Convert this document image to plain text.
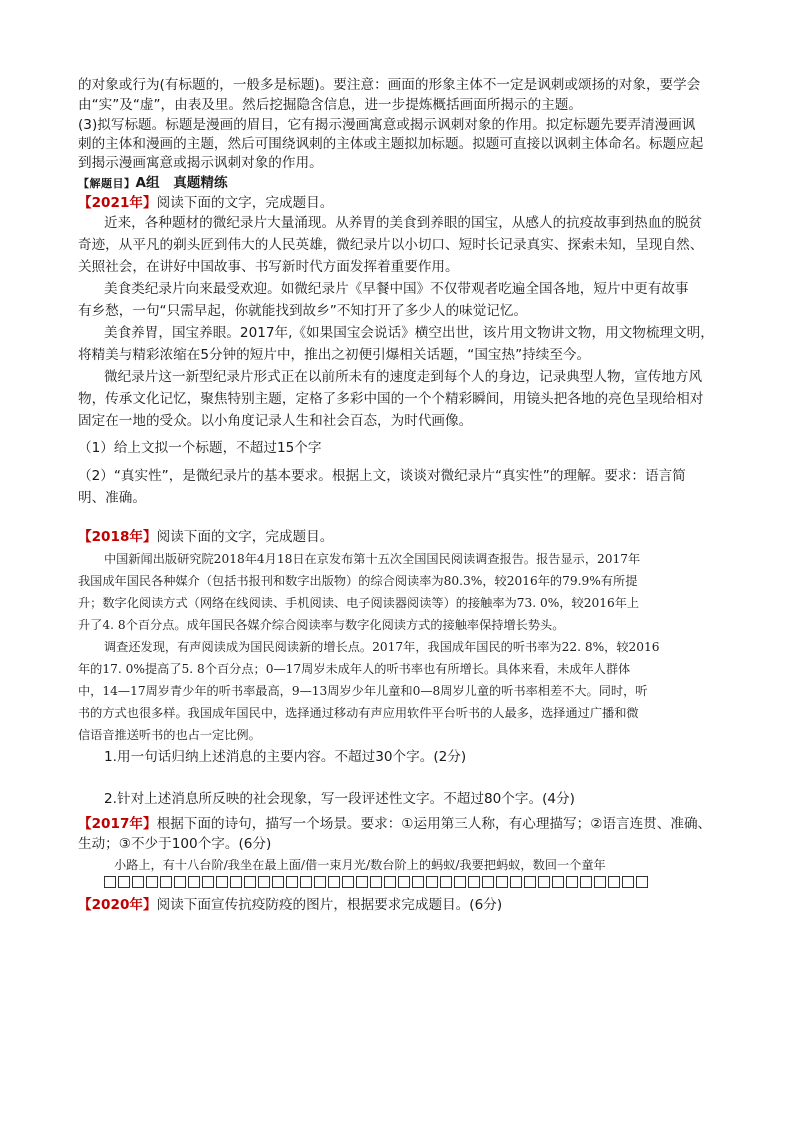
的对象或行为(有标题的，一般多是标题)。要注意：画面的形象主体不一定是讽刺或颂扬的对象，要学会
由“实”及“虚”，由表及里。然后挖掘隐含信息，进一步提炼概括画面所揭示的主题。
(3)拟写标题。标题是漫画的眉目，它有揭示漫画寓意或揭示讽刺对象的作用。拟定标题先要弄清漫画讽
刺的主体和漫画的主题，然后可围绕讽刺的主体或主题拟加标题。拟题可直接以讽刺主体命名。标题应起
到揭示漫画寓意或揭示讽刺对象的作用。
【解题目】A组　真题精练
【2021年】阅读下面的文字，完成题目。
近来，各种题材的微纪录片大量涌现。从养胃的美食到养眼的国宝，从感人的抗疫故事到热血的脱贫
奇迹，从平凡的剃头匠到伟大的人民英雄，微纪录片以小切口、短时长记录真实、探索未知，呈现自然、
关照社会，在讲好中国故事、书写新时代方面发挥着重要作用。
美食类纪录片向来最受欢迎。如微纪录片《早餐中国》不仅带观者吃遍全国各地，短片中更有故事
有乡愁，一句“只需早起，你就能找到故乡”不知打开了多少人的味觉记忆。
美食养胃，国宝养眼。2017年,《如果国宝会说话》横空出世，该片用文物讲文物，用文物梳理文明，
将精美与精彩浓缩在5分钟的短片中，推出之初便引爆相关话题，“国宝热”持续至今。
微纪录片这一新型纪录片形式正在以前所未有的速度走到每个人的身边，记录典型人物，宣传地方风
物，传承文化记忆，聚焦特别主题，定格了多彩中国的一个个精彩瞬间，用镜头把各地的亮色呈现给相对
固定在一地的受众。以小角度记录人生和社会百态，为时代画像。
（1）给上文拟一个标题，不超过15个字
（2）“真实性”，是微纪录片的基本要求。根据上文，谈谈对微纪录片“真实性”的理解。要求：语言简
明、准确。
【2018年】阅读下面的文字，完成题目。
中国新闻出版研究院2018年4月18日在京发布第十五次全国国民阅读调查报告。报告显示，2017年
我国成年国民各种媒介（包括书报刊和数字出版物）的综合阅读率为80.3%，较2016年的79.9%有所提
升；数字化阅读方式（网络在线阅读、手机阅读、电子阅读器阅读等）的接触率为73. 0%，较2016年上
升了4. 8个百分点。成年国民各媒介综合阅读率与数字化阅读方式的接触率保持增长势头。
调查还发现，有声阅读成为国民阅读新的增长点。2017年，我国成年国民的听书率为22. 8%，较2016
年的17. 0%提高了5. 8个百分点；0—17周岁未成年人的听书率也有所增长。具体来看，未成年人群体
中，14—17周岁青少年的听书率最高，9—13周岁少年儿童和0—8周岁儿童的听书率相差不大。同时，听
书的方式也很多样。我国成年国民中，选择通过移动有声应用软件平台听书的人最多，选择通过广播和微
信语音推送听书的也占一定比例。
1.用一句话归纳上述消息的主要内容。不超过30个字。(2分)
2.针对上述消息所反映的社会现象，写一段评述性文字。不超过80个字。(4分)
【2017年】根据下面的诗句，描写一个场景。要求：①运用第三人称，有心理描写；②语言连贯、准确、
生动；③不少于100个字。(6分)
小路上，有十八台阶/我坐在最上面/借一束月光/数台阶上的蚂蚁/我要把蚂蚁，数回一个童年
【2020年】阅读下面宣传抗疫防疫的图片，根据要求完成题目。(6分)
